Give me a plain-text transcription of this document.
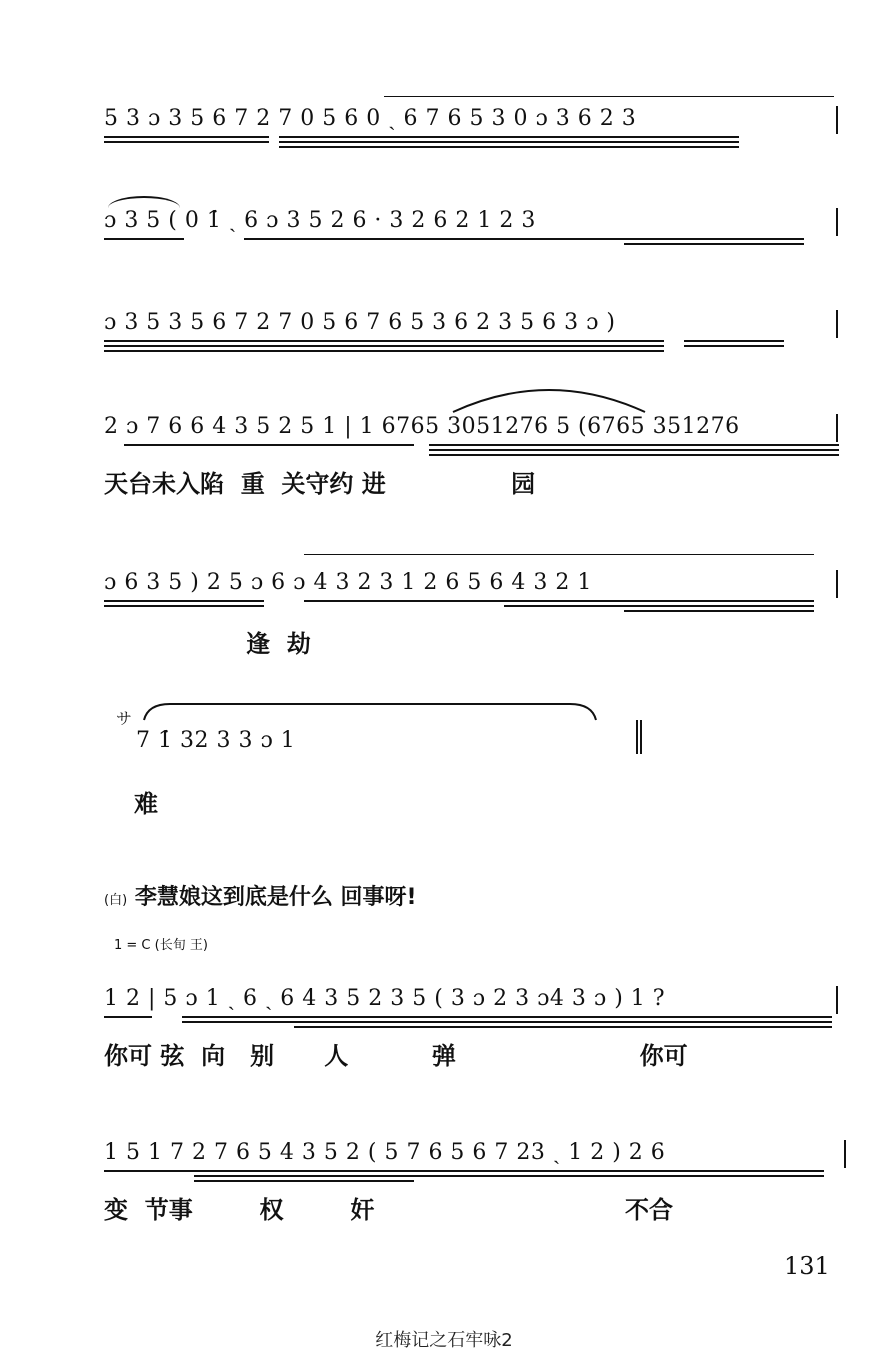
5 3 ɔ 3 5 6 7 2 7 0 5 6 0 ˏ 6 7 6 5 3 0 ɔ 3 6 2 3
ɔ 3 5 ( 0 1̇ ˏ 6 ɔ 3 5 2 6 · 3 2 6 2 1 2 3
ɔ 3 5 3 5 6 7 2 7 0 5 6 7 6 5 3 6 2 3 5 6 3 ɔ )
2 ɔ 7 6 6 4 3 5 2 5 1 | 1 6765 3051276 5 (6765 351276
天台未入陷  重  关守约 进               园
ɔ 6 3 5 ) 2 5 ɔ 6 ɔ 4 3 2 3 1 2 6 5 6 4 3 2 1
逢  劫
サ
7 1̇ 32 3 3 ɔ 1
难
(白) 李慧娘这到底是什么 回事呀!
1 = C (长旬 王)
1 2 | 5 ɔ 1 ˏ 6 ˏ 6 4 3 5 2 3 5 ( 3 ɔ 2 3 ɔ4 3 ɔ ) 1 ?
你可 弦  向   别      人          弹                      你可
1 5 1 7 2 7 6 5 4 3 5 2 ( 5 7 6 5 6 7 23 ˏ 1 2 ) 2 6
变  节事        权        奸                              不合
131
红梅记之石牢咏2
